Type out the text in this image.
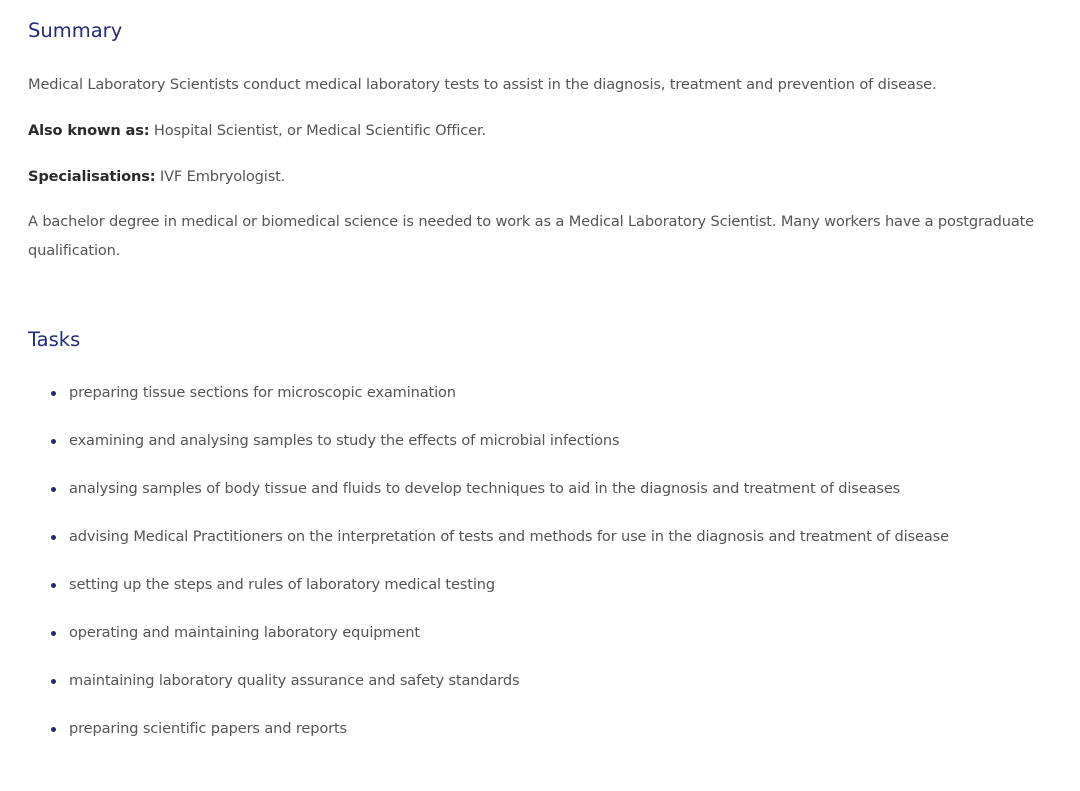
Summary

Medical Laboratory Scientists conduct medical laboratory tests to assist in the diagnosis, treatment and prevention of disease.

Also known as: Hospital Scientist, or Medical Scientific Officer.

Specialisations: IVF Embryologist.

A bachelor degree in medical or biomedical science is needed to work as a Medical Laboratory Scientist. Many workers have a postgraduate qualification.

Tasks
preparing tissue sections for microscopic examination
examining and analysing samples to study the effects of microbial infections
analysing samples of body tissue and fluids to develop techniques to aid in the diagnosis and treatment of diseases
advising Medical Practitioners on the interpretation of tests and methods for use in the diagnosis and treatment of disease
setting up the steps and rules of laboratory medical testing
operating and maintaining laboratory equipment
maintaining laboratory quality assurance and safety standards
preparing scientific papers and reports
